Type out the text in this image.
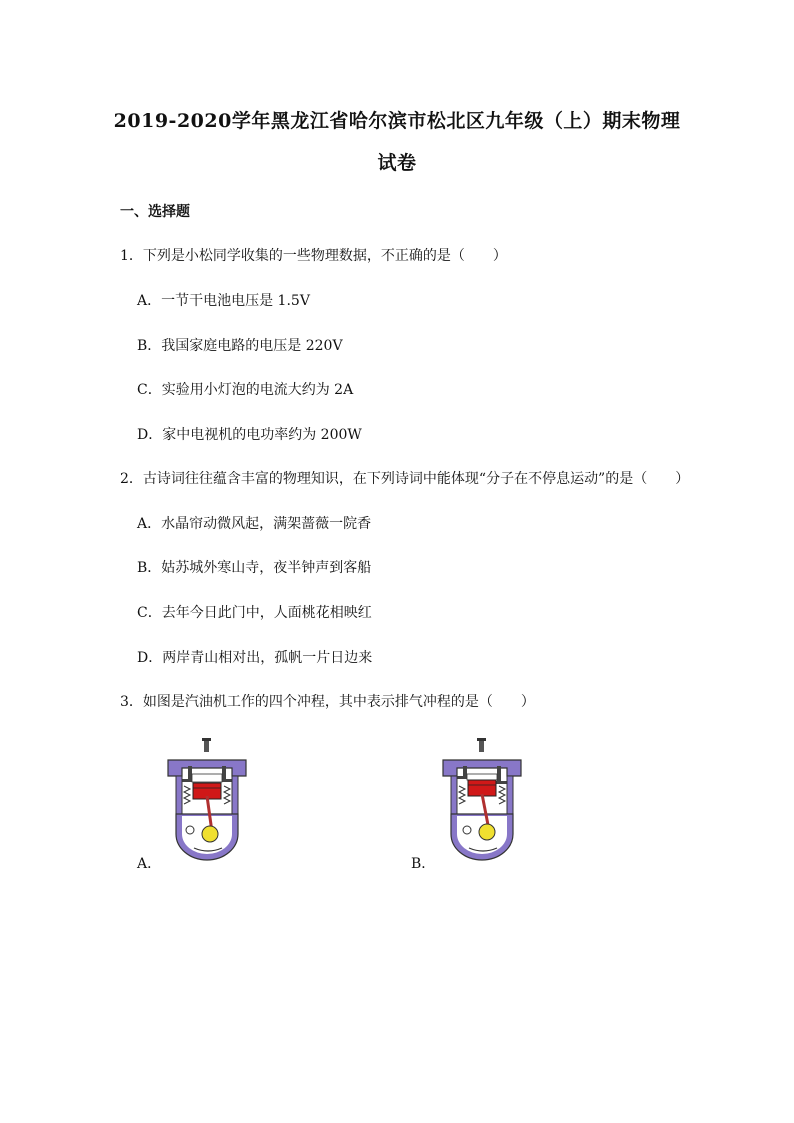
2019-2020学年黑龙江省哈尔滨市松北区九年级（上）期末物理
试卷
一、选择题
1．下列是小松同学收集的一些物理数据，不正确的是（　　）
A．一节干电池电压是 1.5V
B．我国家庭电路的电压是 220V
C．实验用小灯泡的电流大约为 2A
D．家中电视机的电功率约为 200W
2．古诗词往往蕴含丰富的物理知识，在下列诗词中能体现“分子在不停息运动”的是（　　）
A．水晶帘动微风起，满架蔷薇一院香
B．姑苏城外寒山寺，夜半钟声到客船
C．去年今日此门中，人面桃花相映红
D．两岸青山相对出，孤帆一片日边来
3．如图是汽油机工作的四个冲程，其中表示排气冲程的是（　　）
A．	B．
